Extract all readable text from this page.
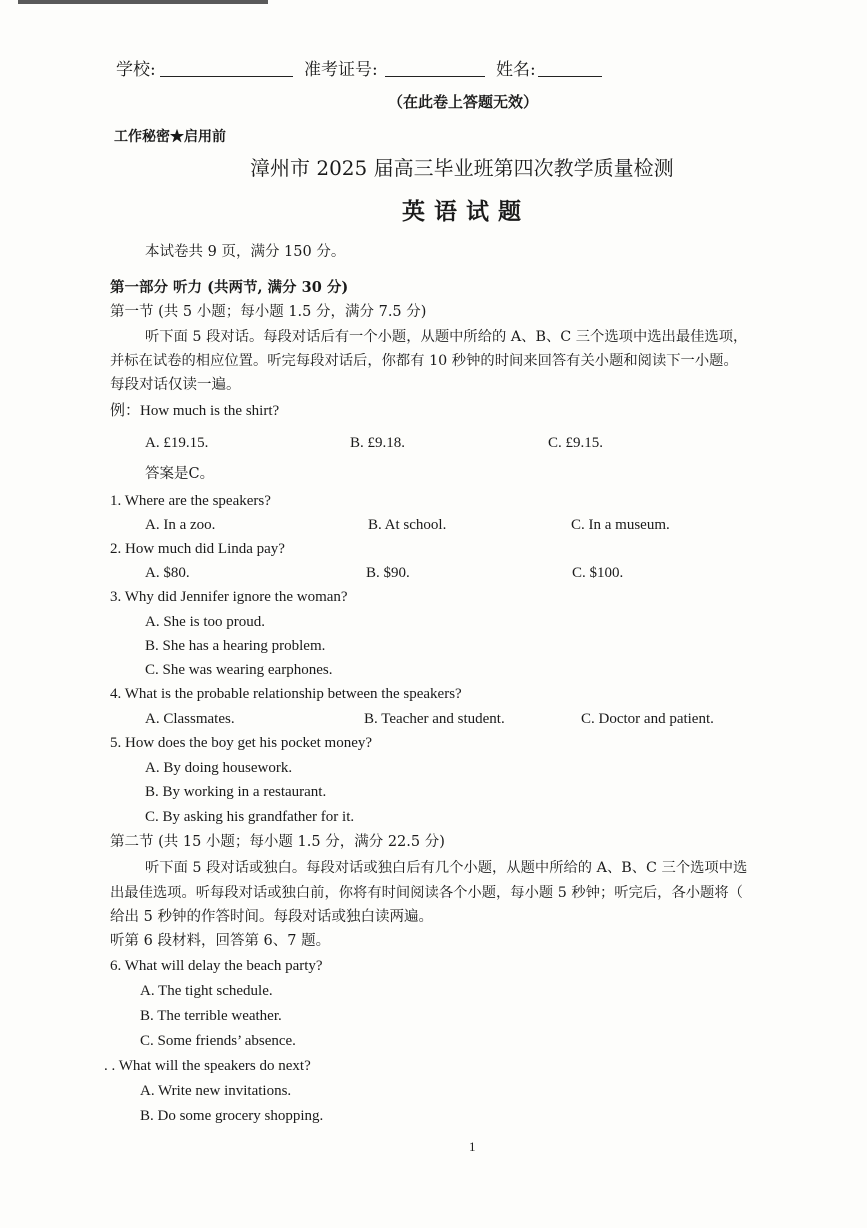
学校:	准考证号:	姓名:
（在此卷上答题无效）
工作秘密★启用前
漳州市 2025 届高三毕业班第四次教学质量检测
英语试题
本试卷共 9 页，满分 150 分。
第一部分 听力 (共两节, 满分 30 分)
第一节 (共 5 小题；每小题 1.5 分，满分 7.5 分)
听下面 5 段对话。每段对话后有一个小题，从题中所给的 A、B、C 三个选项中选出最佳选项，
并标在试卷的相应位置。听完每段对话后，你都有 10 秒钟的时间来回答有关小题和阅读下一小题。
每段对话仅读一遍。
例：How much is the shirt?
A. £19.15.	B. £9.18.	C. £9.15.
答案是C。
1. Where are the speakers?
A. In a zoo.	B. At school.	C. In a museum.
2. How much did Linda pay?
A. $80.	B. $90.	C. $100.
3. Why did Jennifer ignore the woman?
A. She is too proud.
B. She has a hearing problem.
C. She was wearing earphones.
4. What is the probable relationship between the speakers?
A. Classmates.	B. Teacher and student.	C. Doctor and patient.
5. How does the boy get his pocket money?
A. By doing housework.
B. By working in a restaurant.
C. By asking his grandfather for it.
第二节 (共 15 小题；每小题 1.5 分，满分 22.5 分)
听下面 5 段对话或独白。每段对话或独白后有几个小题，从题中所给的 A、B、C 三个选项中选
出最佳选项。听每段对话或独白前，你将有时间阅读各个小题，每小题 5 秒钟；听完后，各小题将（
给出 5 秒钟的作答时间。每段对话或独白读两遍。
听第 6 段材料，回答第 6、7 题。
6. What will delay the beach party?
A. The tight schedule.
B. The terrible weather.
C. Some friends’ absence.
. . What will the speakers do next?
A. Write new invitations.
B. Do some grocery shopping.
1
